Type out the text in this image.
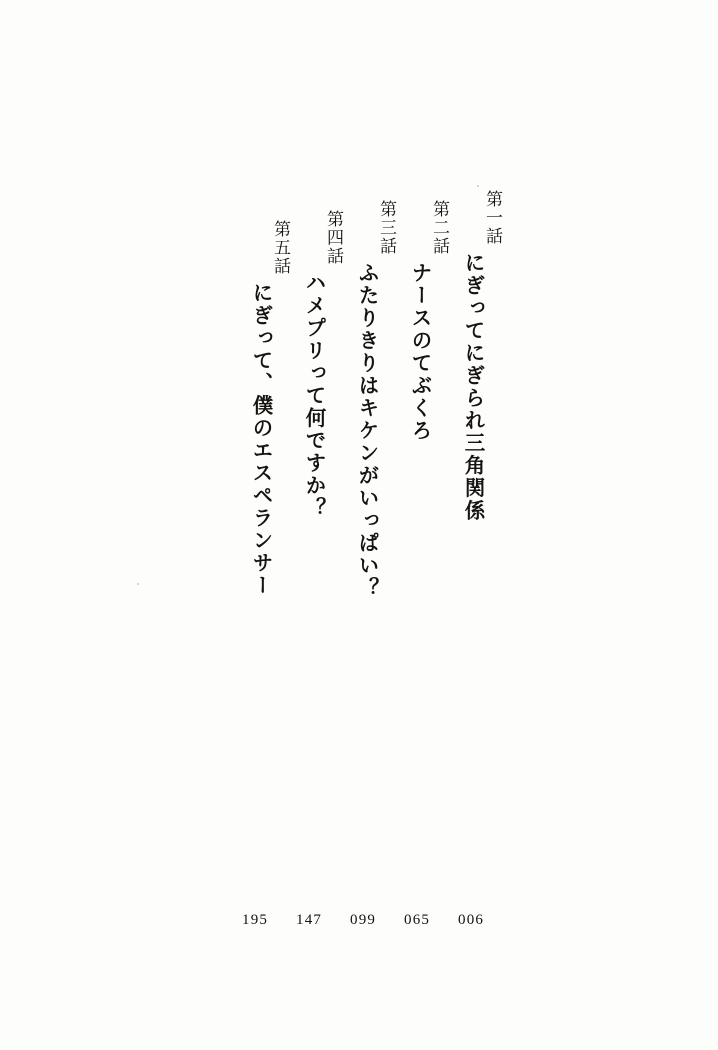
第一話
にぎってにぎられ三角関係
第二話
ナースのてぶくろ
第三話
ふたりきりはキケンがいっぱい？
第四話
ハメプリって何ですか？
第五話
にぎって、僕のエスペランサー
006
065
099
147
195
